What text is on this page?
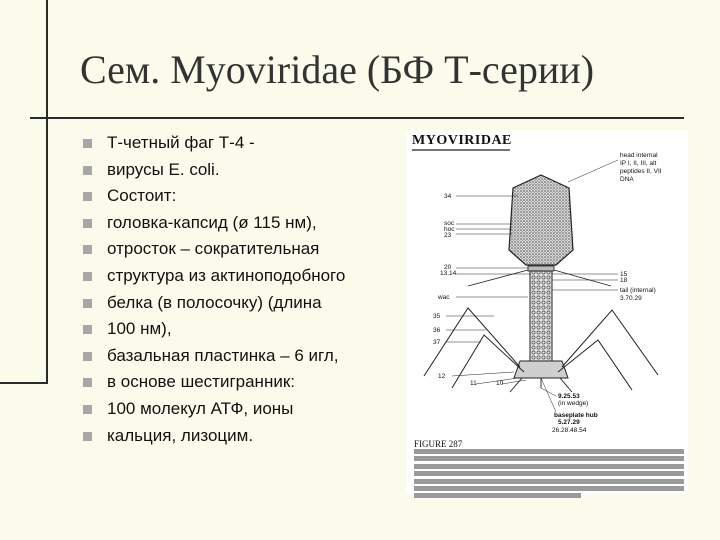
Сем. Myoviridae (БФ Т-серии)
Т-четный фаг Т-4 -
вирусы E. coli.
Состоит:
головка-капсид (ø 115 нм),
отросток – сократительная
структура из актиноподобного
белка (в полосочку) (длина
100 нм),
базальная пластинка – 6 игл,
в основе шестигранник:
100 молекул АТФ, ионы
кальция, лизоцим.
MYOVIRIDAE
34
soc
hoc
23
20
13.14
wac
35
36
37
12
11	10
head internal
IP I, II, III, alt
peptides II, VII
DNA
15
18
tail (internal)
3.70.29
9.25.53
(in wedge)
baseplate hub
5.27.29
26.28.48.54
FIGURE 287
